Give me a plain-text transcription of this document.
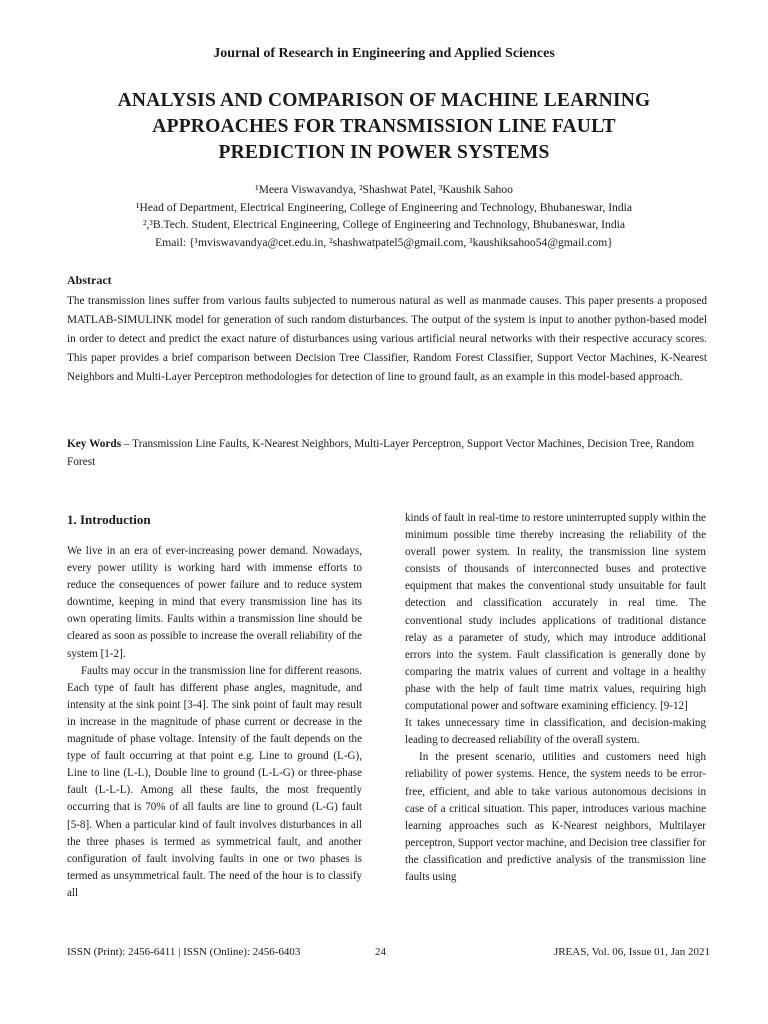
Journal of Research in Engineering and Applied Sciences
ANALYSIS AND COMPARISON OF MACHINE LEARNING
APPROACHES FOR TRANSMISSION LINE FAULT
PREDICTION IN POWER SYSTEMS
¹Meera Viswavandya, ²Shashwat Patel, ³Kaushik Sahoo
¹Head of Department, Electrical Engineering, College of Engineering and Technology, Bhubaneswar, India
²,³B.Tech. Student, Electrical Engineering, College of Engineering and Technology, Bhubaneswar, India
Email: {¹mviswavandya@cet.edu.in, ²shashwatpatel5@gmail.com, ³kaushiksahoo54@gmail.com}
Abstract

The transmission lines suffer from various faults subjected to numerous natural as well as manmade causes. This paper presents a proposed MATLAB-SIMULINK model for generation of such random disturbances. The output of the system is input to another python-based model in order to detect and predict the exact nature of disturbances using various artificial neural networks with their respective accuracy scores. This paper provides a brief comparison between Decision Tree Classifier, Random Forest Classifier, Support Vector Machines, K-Nearest Neighbors and Multi-Layer Perceptron methodologies for detection of line to ground fault, as an example in this model-based approach.

Key Words – Transmission Line Faults, K-Nearest Neighbors, Multi-Layer Perceptron, Support Vector Machines, Decision Tree, Random Forest

1. Introduction

We live in an era of ever-increasing power demand. Nowadays, every power utility is working hard with immense efforts to reduce the consequences of power failure and to reduce system downtime, keeping in mind that every transmission line has its own operating limits. Faults within a transmission line should be cleared as soon as possible to increase the overall reliability of the system [1-2].

Faults may occur in the transmission line for different reasons. Each type of fault has different phase angles, magnitude, and intensity at the sink point [3-4]. The sink point of fault may result in increase in the magnitude of phase current or decrease in the magnitude of phase voltage. Intensity of the fault depends on the type of fault occurring at that point e.g. Line to ground (L-G), Line to line (L-L), Double line to ground (L-L-G) or three-phase fault (L-L-L). Among all these faults, the most frequently occurring that is 70% of all faults are line to ground (L-G) fault [5-8]. When a particular kind of fault involves disturbances in all the three phases is termed as symmetrical fault, and another configuration of fault involving faults in one or two phases is termed as unsymmetrical fault. The need of the hour is to classify all

kinds of fault in real-time to restore uninterrupted supply within the minimum possible time thereby increasing the reliability of the overall power system. In reality, the transmission line system consists of thousands of interconnected buses and protective equipment that makes the conventional study unsuitable for fault detection and classification accurately in real time. The conventional study includes applications of traditional distance relay as a parameter of study, which may introduce additional errors into the system. Fault classification is generally done by comparing the matrix values of current and voltage in a healthy phase with the help of fault time matrix values, requiring high computational power and software examining efficiency. [9-12]

It takes unnecessary time in classification, and decision-making leading to decreased reliability of the overall system.

In the present scenario, utilities and customers need high reliability of power systems. Hence, the system needs to be error-free, efficient, and able to take various autonomous decisions in case of a critical situation. This paper, introduces various machine learning approaches such as K-Nearest neighbors, Multilayer perceptron, Support vector machine, and Decision tree classifier for the classification and predictive analysis of the transmission line faults using

ISSN (Print): 2456-6411 | ISSN (Online): 2456-6403	24	JREAS, Vol. 06, Issue 01, Jan 2021
